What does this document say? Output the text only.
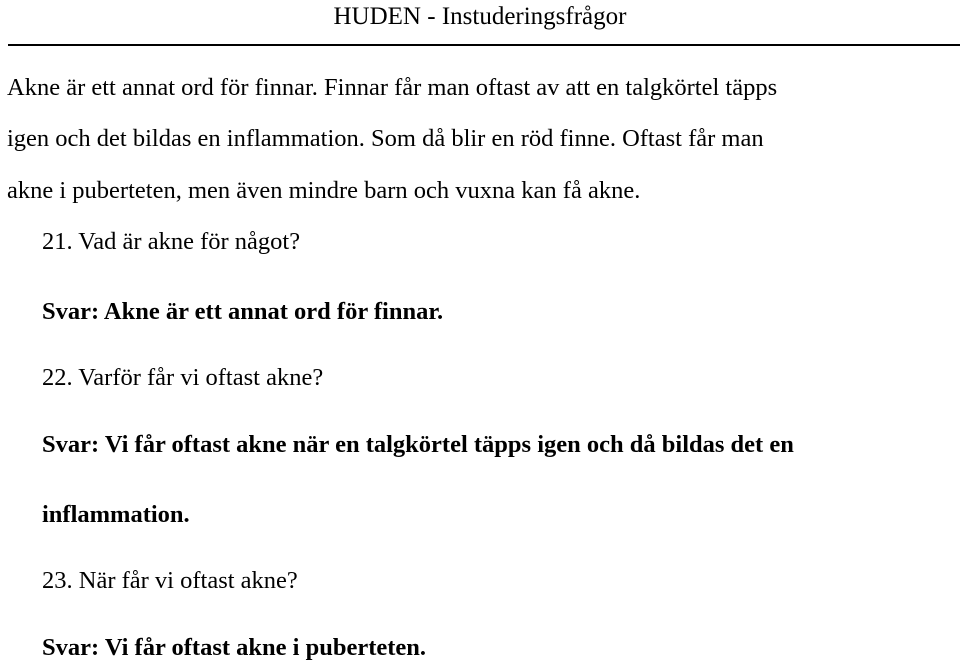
HUDEN - Instuderingsfrågor
Akne är ett annat ord för finnar. Finnar får man oftast av att en talgkörtel täpps
igen och det bildas en inflammation. Som då blir en röd finne. Oftast får man
akne i puberteten, men även mindre barn och vuxna kan få akne.
21. Vad är akne för något?
Svar: Akne är ett annat ord för finnar.
22. Varför får vi oftast akne?
Svar: Vi får oftast akne när en talgkörtel täpps igen och då bildas det en
inflammation.
23. När får vi oftast akne?
Svar: Vi får oftast akne i puberteten.
